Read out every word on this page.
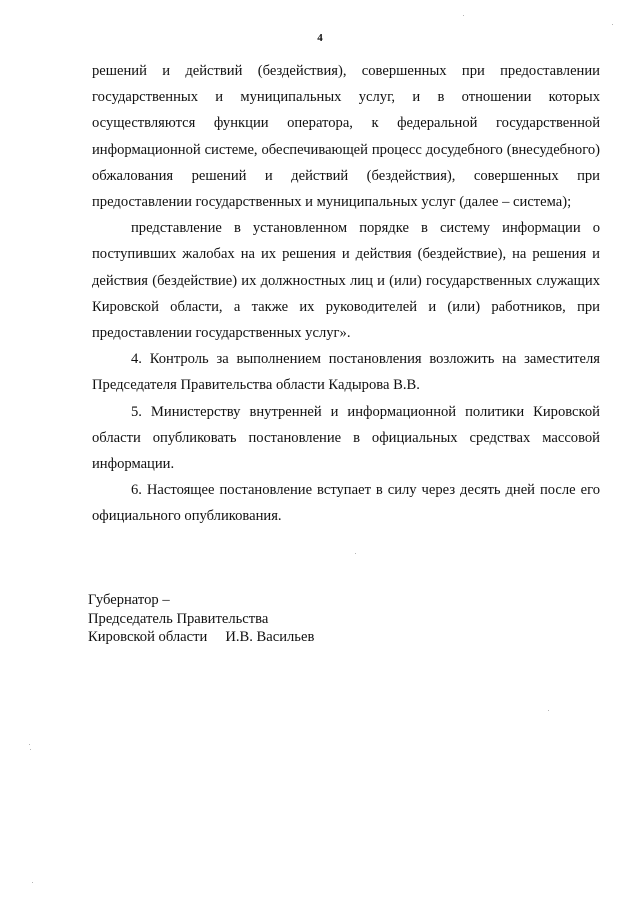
4

решений и действий (бездействия), совершенных при предоставлении государственных и муниципальных услуг, и в отношении которых осуществляются функции оператора, к федеральной государственной информационной системе, обеспечивающей процесс досудебного (внесудебного) обжалования решений и действий (бездействия), совершенных при предоставлении государственных и муниципальных услуг (далее – система);

представление в установленном порядке в систему информации о поступивших жалобах на их решения и действия (бездействие), на решения и действия (бездействие) их должностных лиц и (или) государственных служащих Кировской области, а также их руководителей и (или) работников, при предоставлении государственных услуг».

4. Контроль за выполнением постановления возложить на заместителя Председателя Правительства области Кадырова В.В.

5. Министерству внутренней и информационной политики Кировской области опубликовать постановление в официальных средствах массовой информации.

6. Настоящее постановление вступает в силу через десять дней после его официального опубликования.

Губернатор –
Председатель Правительства
Кировской области И.В. Васильев
